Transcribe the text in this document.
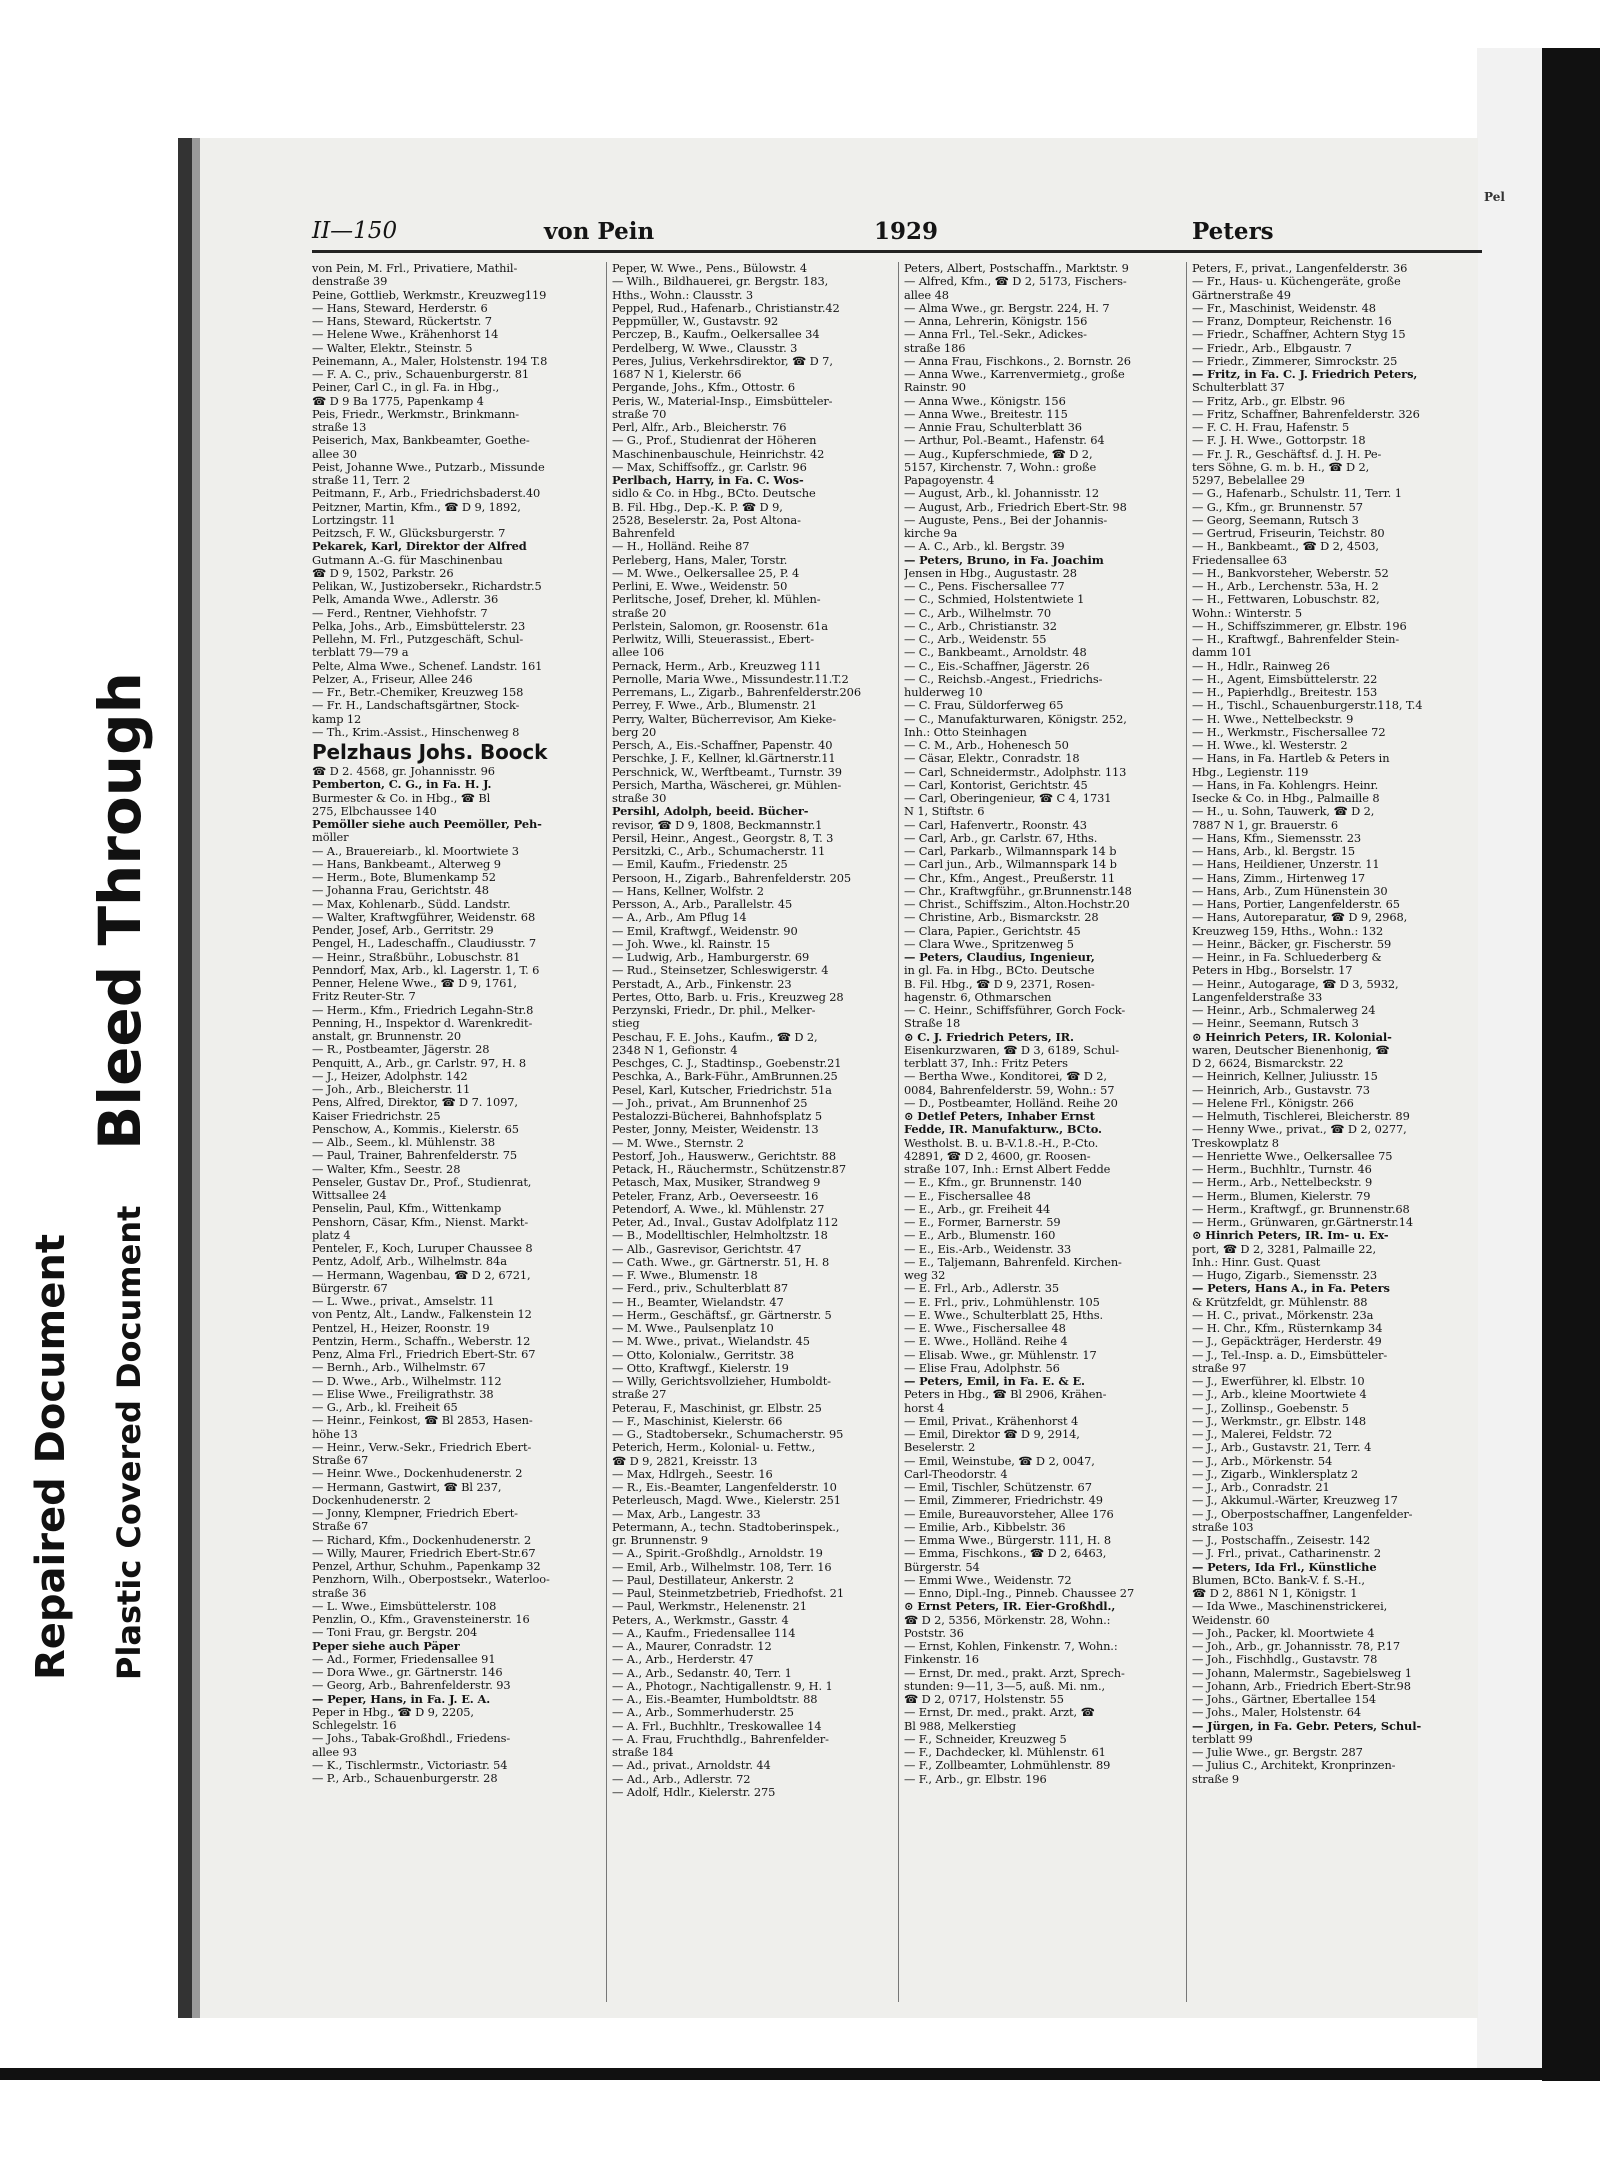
Repaired Document Plastic Covered Document
Bleed Through
II—150	von Pein	1929	Peters

von Pein, M. Frl., Privatiere, Mathil-

denstraße 39

Peine, Gottlieb, Werkmstr., Kreuzweg119

— Hans, Steward, Herderstr. 6

— Hans, Steward, Rückertstr. 7

— Helene Wwe., Krähenhorst 14

— Walter, Elektr., Steinstr. 5

Peinemann, A., Maler, Holstenstr. 194 T.8

— F. A. C., priv., Schauenburgerstr. 81

Peiner, Carl C., in gl. Fa. in Hbg.,

☎ D 9 Ba 1775, Papenkamp 4

Peis, Friedr., Werkmstr., Brinkmann-

straße 13

Peiserich, Max, Bankbeamter, Goethe-

allee 30

Peist, Johanne Wwe., Putzarb., Missunde

straße 11, Terr. 2

Peitmann, F., Arb., Friedrichsbaderst.40

Peitzner, Martin, Kfm., ☎ D 9, 1892,

Lortzingstr. 11

Peitzsch, F. W., Glücksburgerstr. 7

Pekarek, Karl, Direktor der Alfred

Gutmann A.-G. für Maschinenbau

☎ D 9, 1502, Parkstr. 26

Pelikan, W., Justizobersekr., Richardstr.5

Pelk, Amanda Wwe., Adlerstr. 36

— Ferd., Rentner, Viehhofstr. 7

Pelka, Johs., Arb., Eimsbüttelerstr. 23

Pellehn, M. Frl., Putzgeschäft, Schul-

terblatt 79—79 a

Pelte, Alma Wwe., Schenef. Landstr. 161

Pelzer, A., Friseur, Allee 246

— Fr., Betr.-Chemiker, Kreuzweg 158

— Fr. H., Landschaftsgärtner, Stock-

kamp 12

— Th., Krim.-Assist., Hinschenweg 8

Pelzhaus Johs. Boock

☎ D 2. 4568, gr. Johannisstr. 96

Pemberton, C. G., in Fa. H. J.

Burmester & Co. in Hbg., ☎ Bl

275, Elbchaussee 140

Pemöller siehe auch Peemöller, Peh-

möller

— A., Brauereiarb., kl. Moortwiete 3

— Hans, Bankbeamt., Alterweg 9

— Herm., Bote, Blumenkamp 52

— Johanna Frau, Gerichtstr. 48

— Max, Kohlenarb., Südd. Landstr.

— Walter, Kraftwgführer, Weidenstr. 68

Pender, Josef, Arb., Gerritstr. 29

Pengel, H., Ladeschaffn., Claudiusstr. 7

— Heinr., Straßbühr., Lobuschstr. 81

Penndorf, Max, Arb., kl. Lagerstr. 1, T. 6

Penner, Helene Wwe., ☎ D 9, 1761,

Fritz Reuter-Str. 7

— Herm., Kfm., Friedrich Legahn-Str.8

Penning, H., Inspektor d. Warenkredit-

anstalt, gr. Brunnenstr. 20

— R., Postbeamter, Jägerstr. 28

Penquitt, A., Arb., gr. Carlstr. 97, H. 8

— J., Heizer, Adolphstr. 142

— Joh., Arb., Bleicherstr. 11

Pens, Alfred, Direktor, ☎ D 7. 1097,

Kaiser Friedrichstr. 25

Penschow, A., Kommis., Kielerstr. 65

— Alb., Seem., kl. Mühlenstr. 38

— Paul, Trainer, Bahrenfelderstr. 75

— Walter, Kfm., Seestr. 28

Penseler, Gustav Dr., Prof., Studienrat,

Wittsallee 24

Penselin, Paul, Kfm., Wittenkamp

Penshorn, Cäsar, Kfm., Nienst. Markt-

platz 4

Penteler, F., Koch, Luruper Chaussee 8

Pentz, Adolf, Arb., Wilhelmstr. 84a

— Hermann, Wagenbau, ☎ D 2, 6721,

Bürgerstr. 67

— L. Wwe., privat., Amselstr. 11

von Pentz, Alt., Landw., Falkenstein 12

Pentzel, H., Heizer, Roonstr. 19

Pentzin, Herm., Schaffn., Weberstr. 12

Penz, Alma Frl., Friedrich Ebert-Str. 67

— Bernh., Arb., Wilhelmstr. 67

— D. Wwe., Arb., Wilhelmstr. 112

— Elise Wwe., Freiligrathstr. 38

— G., Arb., kl. Freiheit 65

— Heinr., Feinkost, ☎ Bl 2853, Hasen-

höhe 13

— Heinr., Verw.-Sekr., Friedrich Ebert-

Straße 67

— Heinr. Wwe., Dockenhudenerstr. 2

— Hermann, Gastwirt, ☎ Bl 237,

Dockenhudenerstr. 2

— Jonny, Klempner, Friedrich Ebert-

Straße 67

— Richard, Kfm., Dockenhudenerstr. 2

— Willy, Maurer, Friedrich Ebert-Str.67

Penzel, Arthur, Schuhm., Papenkamp 32

Penzhorn, Wilh., Oberpostsekr., Waterloo-

straße 36

— L. Wwe., Eimsbüttelerstr. 108

Penzlin, O., Kfm., Gravensteinerstr. 16

— Toni Frau, gr. Bergstr. 204

Peper siehe auch Päper

— Ad., Former, Friedensallee 91

— Dora Wwe., gr. Gärtnerstr. 146

— Georg, Arb., Bahrenfelderstr. 93

— Peper, Hans, in Fa. J. E. A.

Peper in Hbg., ☎ D 9, 2205,

Schlegelstr. 16

— Johs., Tabak-Großhdl., Friedens-

allee 93

— K., Tischlermstr., Victoriastr. 54

— P., Arb., Schauenburgerstr. 28

Peper, W. Wwe., Pens., Bülowstr. 4

— Wilh., Bildhauerei, gr. Bergstr. 183,

Hths., Wohn.: Clausstr. 3

Peppel, Rud., Hafenarb., Christianstr.42

Peppmüller, W., Gustavstr. 92

Perczep, B., Kaufm., Oelkersallee 34

Perdelberg, W. Wwe., Clausstr. 3

Peres, Julius, Verkehrsdirektor, ☎ D 7,

1687 N 1, Kielerstr. 66

Pergande, Johs., Kfm., Ottostr. 6

Peris, W., Material-Insp., Eimsbütteler-

straße 70

Perl, Alfr., Arb., Bleicherstr. 76

— G., Prof., Studienrat der Höheren

Maschinenbauschule, Heinrichstr. 42

— Max, Schiffsoffz., gr. Carlstr. 96

Perlbach, Harry, in Fa. C. Wos-

sidlo & Co. in Hbg., BCto. Deutsche

B. Fil. Hbg., Dep.-K. P. ☎ D 9,

2528, Beselerstr. 2a, Post Altona-

Bahrenfeld

— H., Holländ. Reihe 87

Perleberg, Hans, Maler, Torstr.

— M. Wwe., Oelkersallee 25, P. 4

Perlini, E. Wwe., Weidenstr. 50

Perlitsche, Josef, Dreher, kl. Mühlen-

straße 20

Perlstein, Salomon, gr. Roosenstr. 61a

Perlwitz, Willi, Steuerassist., Ebert-

allee 106

Pernack, Herm., Arb., Kreuzweg 111

Pernolle, Maria Wwe., Missundestr.11.T.2

Perremans, L., Zigarb., Bahrenfelderstr.206

Perrey, F. Wwe., Arb., Blumenstr. 21

Perry, Walter, Bücherrevisor, Am Kieke-

berg 20

Persch, A., Eis.-Schaffner, Papenstr. 40

Perschke, J. F., Kellner, kl.Gärtnerstr.11

Perschnick, W., Werftbeamt., Turnstr. 39

Persich, Martha, Wäscherei, gr. Mühlen-

straße 30

Persihl, Adolph, beeid. Bücher-

revisor, ☎ D 9, 1808, Beckmannstr.1

Persil, Heinr., Angest., Georgstr. 8, T. 3

Persitzki, C., Arb., Schumacherstr. 11

— Emil, Kaufm., Friedenstr. 25

Persoon, H., Zigarb., Bahrenfelderstr. 205

— Hans, Kellner, Wolfstr. 2

Persson, A., Arb., Parallelstr. 45

— A., Arb., Am Pflug 14

— Emil, Kraftwgf., Weidenstr. 90

— Joh. Wwe., kl. Rainstr. 15

— Ludwig, Arb., Hamburgerstr. 69

— Rud., Steinsetzer, Schleswigerstr. 4

Perstadt, A., Arb., Finkenstr. 23

Pertes, Otto, Barb. u. Fris., Kreuzweg 28

Perzynski, Friedr., Dr. phil., Melker-

stieg

Peschau, F. E. Johs., Kaufm., ☎ D 2,

2348 N 1, Gefionstr. 4

Peschges, C. J., Stadtinsp., Goebenstr.21

Peschka, A., Bark-Führ., AmBrunnen.25

Pesel, Karl, Kutscher, Friedrichstr. 51a

— Joh., privat., Am Brunnenhof 25

Pestalozzi-Bücherei, Bahnhofsplatz 5

Pester, Jonny, Meister, Weidenstr. 13

— M. Wwe., Sternstr. 2

Pestorf, Joh., Hauswerw., Gerichtstr. 88

Petack, H., Räuchermstr., Schützenstr.87

Petasch, Max, Musiker, Strandweg 9

Peteler, Franz, Arb., Oeverseestr. 16

Petendorf, A. Wwe., kl. Mühlenstr. 27

Peter, Ad., Inval., Gustav Adolfplatz 112

— B., Modelltischler, Helmholtzstr. 18

— Alb., Gasrevisor, Gerichtstr. 47

— Cath. Wwe., gr. Gärtnerstr. 51, H. 8

— F. Wwe., Blumenstr. 18

— Ferd., priv., Schulterblatt 87

— H., Beamter, Wielandstr. 47

— Herm., Geschäftsf., gr. Gärtnerstr. 5

— M. Wwe., Paulsenplatz 10

— M. Wwe., privat., Wielandstr. 45

— Otto, Kolonialw., Gerritstr. 38

— Otto, Kraftwgf., Kielerstr. 19

— Willy, Gerichtsvollzieher, Humboldt-

straße 27

Peterau, F., Maschinist, gr. Elbstr. 25

— F., Maschinist, Kielerstr. 66

— G., Stadtobersekr., Schumacherstr. 95

Peterich, Herm., Kolonial- u. Fettw.,

☎ D 9, 2821, Kreisstr. 13

— Max, Hdlrgeh., Seestr. 16

— R., Eis.-Beamter, Langenfelderstr. 10

Peterleusch, Magd. Wwe., Kielerstr. 251

— Max, Arb., Langestr. 33

Petermann, A., techn. Stadtoberinspek.,

gr. Brunnenstr. 9

— A., Spirit.-Großhdlg., Arnoldstr. 19

— Emil, Arb., Wilhelmstr. 108, Terr. 16

— Paul, Destillateur, Ankerstr. 2

— Paul, Steinmetzbetrieb, Friedhofst. 21

— Paul, Werkmstr., Helenenstr. 21

Peters, A., Werkmstr., Gasstr. 4

— A., Kaufm., Friedensallee 114

— A., Maurer, Conradstr. 12

— A., Arb., Herderstr. 47

— A., Arb., Sedanstr. 40, Terr. 1

— A., Photogr., Nachtigallenstr. 9, H. 1

— A., Eis.-Beamter, Humboldtstr. 88

— A., Arb., Sommerhuderstr. 25

— A. Frl., Buchhltr., Treskowallee 14

— A. Frau, Fruchthdlg., Bahrenfelder-

straße 184

— Ad., privat., Arnoldstr. 44

— Ad., Arb., Adlerstr. 72

— Adolf, Hdlr., Kielerstr. 275

Peters, Albert, Postschaffn., Marktstr. 9

— Alfred, Kfm., ☎ D 2, 5173, Fischers-

allee 48

— Alma Wwe., gr. Bergstr. 224, H. 7

— Anna, Lehrerin, Königstr. 156

— Anna Frl., Tel.-Sekr., Adickes-

straße 186

— Anna Frau, Fischkons., 2. Bornstr. 26

— Anna Wwe., Karrenvermietg., große

Rainstr. 90

— Anna Wwe., Königstr. 156

— Anna Wwe., Breitestr. 115

— Annie Frau, Schulterblatt 36

— Arthur, Pol.-Beamt., Hafenstr. 64

— Aug., Kupferschmiede, ☎ D 2,

5157, Kirchenstr. 7, Wohn.: große

Papagoyenstr. 4

— August, Arb., kl. Johannisstr. 12

— August, Arb., Friedrich Ebert-Str. 98

— Auguste, Pens., Bei der Johannis-

kirche 9a

— A. C., Arb., kl. Bergstr. 39

— Peters, Bruno, in Fa. Joachim

Jensen in Hbg., Augustastr. 28

— C., Pens. Fischersallee 77

— C., Schmied, Holstentwiete 1

— C., Arb., Wilhelmstr. 70

— C., Arb., Christianstr. 32

— C., Arb., Weidenstr. 55

— C., Bankbeamt., Arnoldstr. 48

— C., Eis.-Schaffner, Jägerstr. 26

— C., Reichsb.-Angest., Friedrichs-

hulderweg 10

— C. Frau, Süldorferweg 65

— C., Manufakturwaren, Königstr. 252,

Inh.: Otto Steinhagen

— C. M., Arb., Hohenesch 50

— Cäsar, Elektr., Conradstr. 18

— Carl, Schneidermstr., Adolphstr. 113

— Carl, Kontorist, Gerichtstr. 45

— Carl, Oberingenieur, ☎ C 4, 1731

N 1, Stiftstr. 6

— Carl, Hafenvertr., Roonstr. 43

— Carl, Arb., gr. Carlstr. 67, Hths.

— Carl, Parkarb., Wilmannspark 14 b

— Carl jun., Arb., Wilmannspark 14 b

— Chr., Kfm., Angest., Preußerstr. 11

— Chr., Kraftwgführ., gr.Brunnenstr.148

— Christ., Schiffszim., Alton.Hochstr.20

— Christine, Arb., Bismarckstr. 28

— Clara, Papier., Gerichtstr. 45

— Clara Wwe., Spritzenweg 5

— Peters, Claudius, Ingenieur,

in gl. Fa. in Hbg., BCto. Deutsche

B. Fil. Hbg., ☎ D 9, 2371, Rosen-

hagenstr. 6, Othmarschen

— C. Heinr., Schiffsführer, Gorch Fock-

Straße 18

⊙ C. J. Friedrich Peters, IR.

Eisenkurzwaren, ☎ D 3, 6189, Schul-

terblatt 37, Inh.: Fritz Peters

— Bertha Wwe., Konditorei, ☎ D 2,

0084, Bahrenfelderstr. 59, Wohn.: 57

— D., Postbeamter, Holländ. Reihe 20

⊙ Detlef Peters, Inhaber Ernst

Fedde, IR. Manufakturw., BCto.

Westholst. B. u. B-V.1.8.-H., P.-Cto.

42891, ☎ D 2, 4600, gr. Roosen-

straße 107, Inh.: Ernst Albert Fedde

— E., Kfm., gr. Brunnenstr. 140

— E., Fischersallee 48

— E., Arb., gr. Freiheit 44

— E., Former, Barnerstr. 59

— E., Arb., Blumenstr. 160

— E., Eis.-Arb., Weidenstr. 33

— E., Taljemann, Bahrenfeld. Kirchen-

weg 32

— E. Frl., Arb., Adlerstr. 35

— E. Frl., priv., Lohmühlenstr. 105

— E. Wwe., Schulterblatt 25, Hths.

— E. Wwe., Fischersallee 48

— E. Wwe., Holländ. Reihe 4

— Elisab. Wwe., gr. Mühlenstr. 17

— Elise Frau, Adolphstr. 56

— Peters, Emil, in Fa. E. & E.

Peters in Hbg., ☎ Bl 2906, Krähen-

horst 4

— Emil, Privat., Krähenhorst 4

— Emil, Direktor ☎ D 9, 2914,

Beselerstr. 2

— Emil, Weinstube, ☎ D 2, 0047,

Carl-Theodorstr. 4

— Emil, Tischler, Schützenstr. 67

— Emil, Zimmerer, Friedrichstr. 49

— Emile, Bureauvorsteher, Allee 176

— Emilie, Arb., Kibbelstr. 36

— Emma Wwe., Bürgerstr. 111, H. 8

— Emma, Fischkons., ☎ D 2, 6463,

Bürgerstr. 54

— Emmi Wwe., Weidenstr. 72

— Enno, Dipl.-Ing., Pinneb. Chaussee 27

⊙ Ernst Peters, IR. Eier-Großhdl.,

☎ D 2, 5356, Mörkenstr. 28, Wohn.:

Poststr. 36

— Ernst, Kohlen, Finkenstr. 7, Wohn.:

Finkenstr. 16

— Ernst, Dr. med., prakt. Arzt, Sprech-

stunden: 9—11, 3—5, auß. Mi. nm.,

☎ D 2, 0717, Holstenstr. 55

— Ernst, Dr. med., prakt. Arzt, ☎

Bl 988, Melkerstieg

— F., Schneider, Kreuzweg 5

— F., Dachdecker, kl. Mühlenstr. 61

— F., Zollbeamter, Lohmühlenstr. 89

— F., Arb., gr. Elbstr. 196

Peters, F., privat., Langenfelderstr. 36

— Fr., Haus- u. Küchengeräte, große

Gärtnerstraße 49

— Fr., Maschinist, Weidenstr. 48

— Franz, Dompteur, Reichenstr. 16

— Friedr., Schaffner, Achtern Styg 15

— Friedr., Arb., Elbgaustr. 7

— Friedr., Zimmerer, Simrockstr. 25

— Fritz, in Fa. C. J. Friedrich Peters,

Schulterblatt 37

— Fritz, Arb., gr. Elbstr. 96

— Fritz, Schaffner, Bahrenfelderstr. 326

— F. C. H. Frau, Hafenstr. 5

— F. J. H. Wwe., Gottorpstr. 18

— Fr. J. R., Geschäftsf. d. J. H. Pe-

ters Söhne, G. m. b. H., ☎ D 2,

5297, Bebelallee 29

— G., Hafenarb., Schulstr. 11, Terr. 1

— G., Kfm., gr. Brunnenstr. 57

— Georg, Seemann, Rutsch 3

— Gertrud, Friseurin, Teichstr. 80

— H., Bankbeamt., ☎ D 2, 4503,

Friedensallee 63

— H., Bankvorsteher, Weberstr. 52

— H., Arb., Lerchenstr. 53a, H. 2

— H., Fettwaren, Lobuschstr. 82,

Wohn.: Winterstr. 5

— H., Schiffszimmerer, gr. Elbstr. 196

— H., Kraftwgf., Bahrenfelder Stein-

damm 101

— H., Hdlr., Rainweg 26

— H., Agent, Eimsbüttelerstr. 22

— H., Papierhdlg., Breitestr. 153

— H., Tischl., Schauenburgerstr.118, T.4

— H. Wwe., Nettelbeckstr. 9

— H., Werkmstr., Fischersallee 72

— H. Wwe., kl. Westerstr. 2

— Hans, in Fa. Hartleb & Peters in

Hbg., Legienstr. 119

— Hans, in Fa. Kohlengrs. Heinr.

Isecke & Co. in Hbg., Palmaille 8

— H., u. Sohn, Tauwerk, ☎ D 2,

7887 N 1, gr. Brauerstr. 6

— Hans, Kfm., Siemensstr. 23

— Hans, Arb., kl. Bergstr. 15

— Hans, Heildiener, Unzerstr. 11

— Hans, Zimm., Hirtenweg 17

— Hans, Arb., Zum Hünenstein 30

— Hans, Portier, Langenfelderstr. 65

— Hans, Autoreparatur, ☎ D 9, 2968,

Kreuzweg 159, Hths., Wohn.: 132

— Heinr., Bäcker, gr. Fischerstr. 59

— Heinr., in Fa. Schluederberg &

Peters in Hbg., Borselstr. 17

— Heinr., Autogarage, ☎ D 3, 5932,

Langenfelderstraße 33

— Heinr., Arb., Schmalerweg 24

— Heinr., Seemann, Rutsch 3

⊙ Heinrich Peters, IR. Kolonial-

waren, Deutscher Bienenhonig, ☎

D 2, 6624, Bismarckstr. 22

— Heinrich, Kellner, Juliusstr. 15

— Heinrich, Arb., Gustavstr. 73

— Helene Frl., Königstr. 266

— Helmuth, Tischlerei, Bleicherstr. 89

— Henny Wwe., privat., ☎ D 2, 0277,

Treskowplatz 8

— Henriette Wwe., Oelkersallee 75

— Herm., Buchhltr., Turnstr. 46

— Herm., Arb., Nettelbeckstr. 9

— Herm., Blumen, Kielerstr. 79

— Herm., Kraftwgf., gr. Brunnenstr.68

— Herm., Grünwaren, gr.Gärtnerstr.14

⊙ Hinrich Peters, IR. Im- u. Ex-

port, ☎ D 2, 3281, Palmaille 22,

Inh.: Hinr. Gust. Quast

— Hugo, Zigarb., Siemensstr. 23

— Peters, Hans A., in Fa. Peters

& Krützfeldt, gr. Mühlenstr. 88

— H. C., privat., Mörkenstr. 23a

— H. Chr., Kfm., Rüsternkamp 34

— J., Gepäckträger, Herderstr. 49

— J., Tel.-Insp. a. D., Eimsbütteler-

straße 97

— J., Ewerführer, kl. Elbstr. 10

— J., Arb., kleine Moortwiete 4

— J., Zollinsp., Goebenstr. 5

— J., Werkmstr., gr. Elbstr. 148

— J., Malerei, Feldstr. 72

— J., Arb., Gustavstr. 21, Terr. 4

— J., Arb., Mörkenstr. 54

— J., Zigarb., Winklersplatz 2

— J., Arb., Conradstr. 21

— J., Akkumul.-Wärter, Kreuzweg 17

— J., Oberpostschaffner, Langenfelder-

straße 103

— J., Postschaffn., Zeisestr. 142

— J. Frl., privat., Catharinenstr. 2

— Peters, Ida Frl., Künstliche

Blumen, BCto. Bank-V. f. S.-H.,

☎ D 2, 8861 N 1, Königstr. 1

— Ida Wwe., Maschinenstrickerei,

Weidenstr. 60

— Joh., Packer, kl. Moortwiete 4

— Joh., Arb., gr. Johannisstr. 78, P.17

— Joh., Fischhdlg., Gustavstr. 78

— Johann, Malermstr., Sagebielsweg 1

— Johann, Arb., Friedrich Ebert-Str.98

— Johs., Gärtner, Ebertallee 154

— Johs., Maler, Holstenstr. 64

— Jürgen, in Fa. Gebr. Peters, Schul-

terblatt 99

— Julie Wwe., gr. Bergstr. 287

— Julius C., Architekt, Kronprinzen-

straße 9

Pel
